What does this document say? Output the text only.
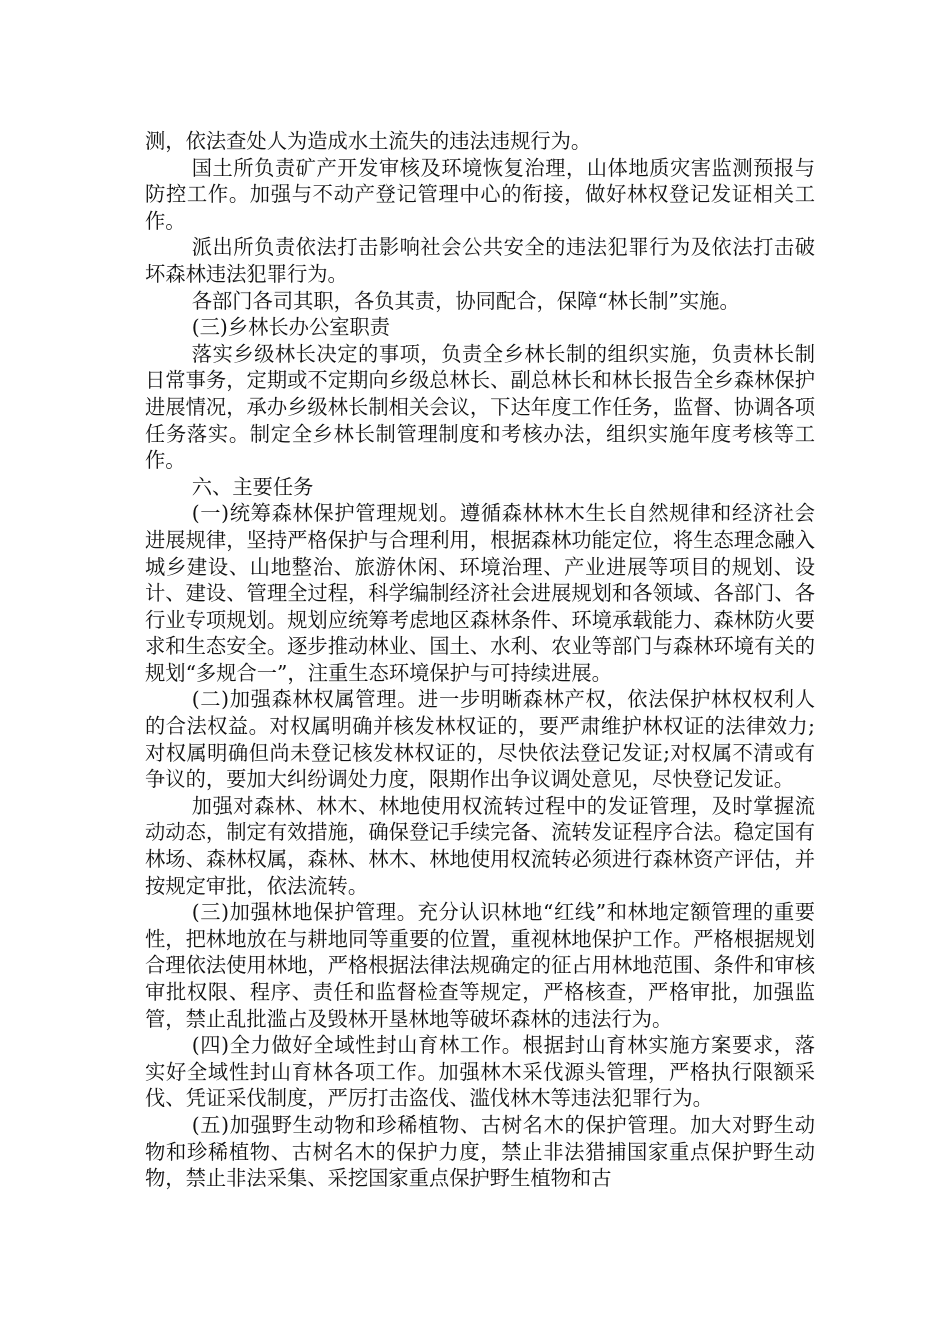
测，依法查处人为造成水土流失的违法违规行为。

国土所负责矿产开发审核及环境恢复治理，山体地质灾害监测预报与防控工作。加强与不动产登记管理中心的衔接，做好林权登记发证相关工作。

派出所负责依法打击影响社会公共安全的违法犯罪行为及依法打击破坏森林违法犯罪行为。

各部门各司其职，各负其责，协同配合，保障“林长制”实施。

(三)乡林长办公室职责

落实乡级林长决定的事项，负责全乡林长制的组织实施，负责林长制日常事务，定期或不定期向乡级总林长、副总林长和林长报告全乡森林保护进展情况，承办乡级林长制相关会议，下达年度工作任务，监督、协调各项任务落实。制定全乡林长制管理制度和考核办法，组织实施年度考核等工作。

六、主要任务

(一)统筹森林保护管理规划。遵循森林林木生长自然规律和经济社会进展规律，坚持严格保护与合理利用，根据森林功能定位，将生态理念融入城乡建设、山地整治、旅游休闲、环境治理、产业进展等项目的规划、设计、建设、管理全过程，科学编制经济社会进展规划和各领域、各部门、各行业专项规划。规划应统筹考虑地区森林条件、环境承载能力、森林防火要求和生态安全。逐步推动林业、国土、水利、农业等部门与森林环境有关的规划“多规合一”，注重生态环境保护与可持续进展。

(二)加强森林权属管理。进一步明晰森林产权，依法保护林权权利人的合法权益。对权属明确并核发林权证的，要严肃维护林权证的法律效力;对权属明确但尚未登记核发林权证的，尽快依法登记发证;对权属不清或有争议的，要加大纠纷调处力度，限期作出争议调处意见，尽快登记发证。

加强对森林、林木、林地使用权流转过程中的发证管理，及时掌握流动动态，制定有效措施，确保登记手续完备、流转发证程序合法。稳定国有林场、森林权属，森林、林木、林地使用权流转必须进行森林资产评估，并按规定审批，依法流转。

(三)加强林地保护管理。充分认识林地“红线”和林地定额管理的重要性，把林地放在与耕地同等重要的位置，重视林地保护工作。严格根据规划合理依法使用林地，严格根据法律法规确定的征占用林地范围、条件和审核审批权限、程序、责任和监督检查等规定，严格核查，严格审批，加强监管，禁止乱批滥占及毁林开垦林地等破坏森林的违法行为。

(四)全力做好全域性封山育林工作。根据封山育林实施方案要求，落实好全域性封山育林各项工作。加强林木采伐源头管理，严格执行限额采伐、凭证采伐制度，严厉打击盗伐、滥伐林木等违法犯罪行为。

(五)加强野生动物和珍稀植物、古树名木的保护管理。加大对野生动物和珍稀植物、古树名木的保护力度，禁止非法猎捕国家重点保护野生动物，禁止非法采集、采挖国家重点保护野生植物和古
